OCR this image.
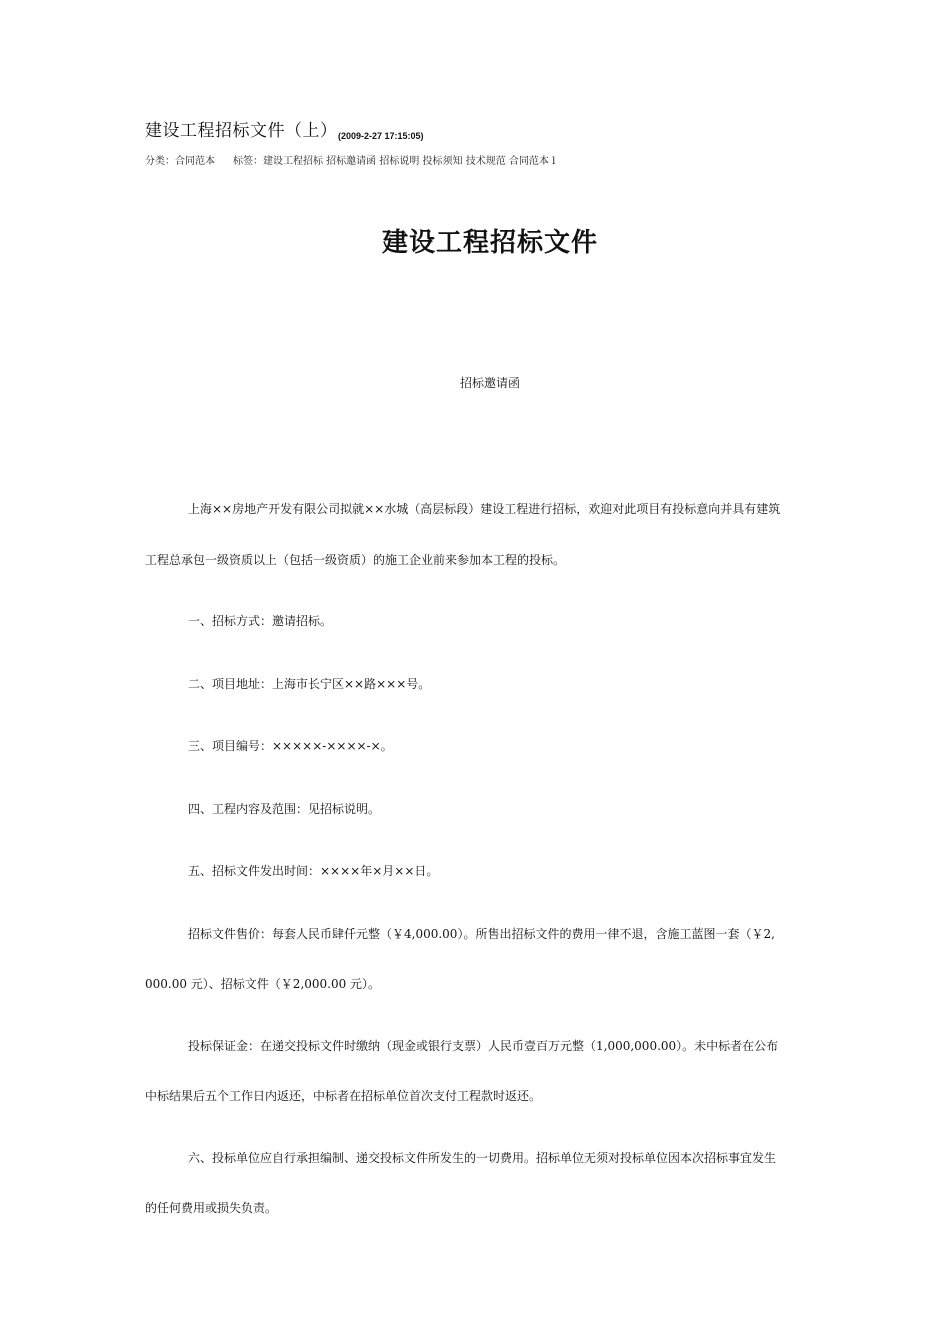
建设工程招标文件（上） (2009-2-27 17:15:05)
分类：合同范本 标签：建设工程招标 招标邀请函 招标说明 投标须知 技术规范 合同范本 l
建设工程招标文件
招标邀请函
上海××房地产开发有限公司拟就××水城（高层标段）建设工程进行招标，欢迎对此项目有投标意向并具有建筑
工程总承包一级资质以上（包括一级资质）的施工企业前来参加本工程的投标。
一、招标方式：邀请招标。
二、项目地址：上海市长宁区××路×××号。
三、项目编号：×××××-××××-×。
四、工程内容及范围：见招标说明。
五、招标文件发出时间：××××年×月××日。
招标文件售价：每套人民币肆仟元整（￥4,000.00）。所售出招标文件的费用一律不退，含施工蓝图一套（￥2,
000.00 元）、招标文件（￥2,000.00 元）。
投标保证金：在递交投标文件时缴纳（现金或银行支票）人民币壹百万元整（1,000,000.00）。未中标者在公布
中标结果后五个工作日内返还，中标者在招标单位首次支付工程款时返还。
六、投标单位应自行承担编制、递交投标文件所发生的一切费用。招标单位无须对投标单位因本次招标事宜发生
的任何费用或损失负责。
